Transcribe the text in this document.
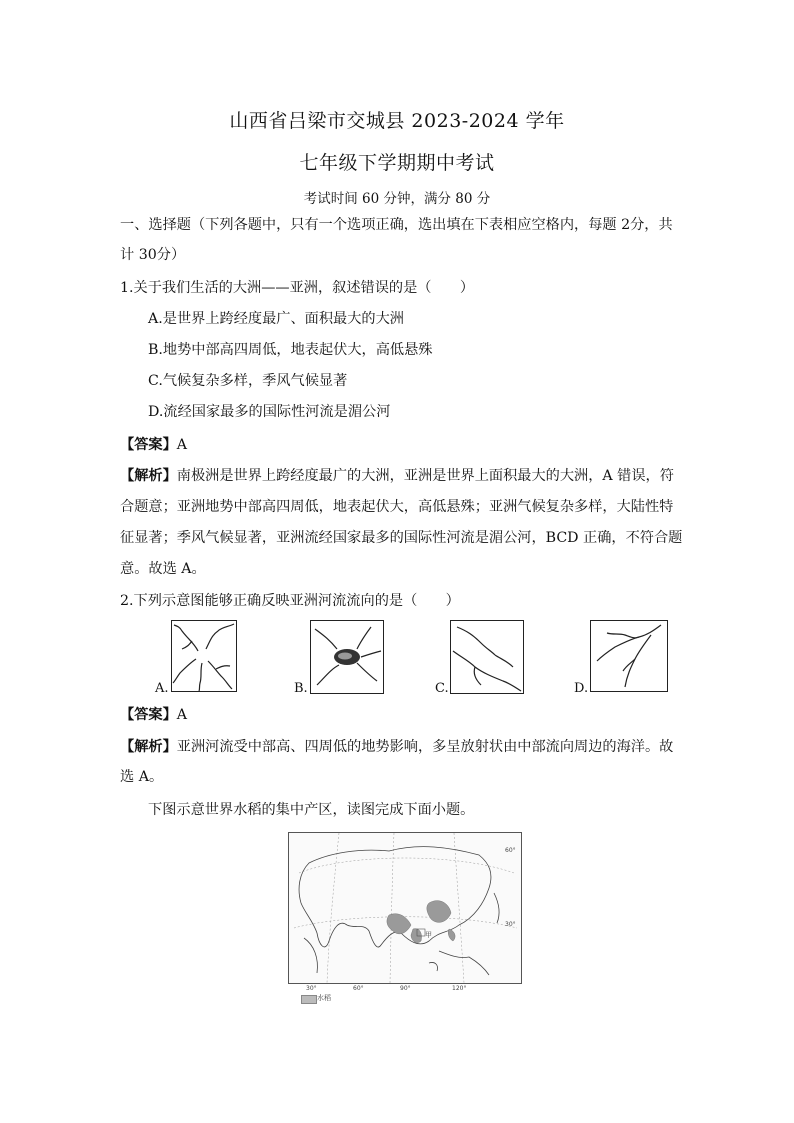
山西省吕梁市交城县 2023-2024 学年
七年级下学期期中考试
考试时间 60 分钟，满分 80 分
一、选择题（下列各题中，只有一个选项正确，选出填在下表相应空格内，每题 2分，共
计 30分）
1.关于我们生活的大洲——亚洲，叙述错误的是（　　）
A.是世界上跨经度最广、面积最大的大洲
B.地势中部高四周低，地表起伏大，高低悬殊
C.气候复杂多样，季风气候显著
D.流经国家最多的国际性河流是湄公河
【答案】A
【解析】南极洲是世界上跨经度最广的大洲，亚洲是世界上面积最大的大洲，A 错误，符
合题意；亚洲地势中部高四周低，地表起伏大，高低悬殊；亚洲气候复杂多样，大陆性特
征显著；季风气候显著，亚洲流经国家最多的国际性河流是湄公河，BCD 正确，不符合题
意。故选 A。
2.下列示意图能够正确反映亚洲河流流向的是（　　）
A.	B.	C.	D.
【答案】A
【解析】亚洲河流受中部高、四周低的地势影响，多呈放射状由中部流向周边的海洋。故
选 A。
下图示意世界水稻的集中产区，读图完成下面小题。
甲
60°
30°
30°	60°	90°	120°
水稻
